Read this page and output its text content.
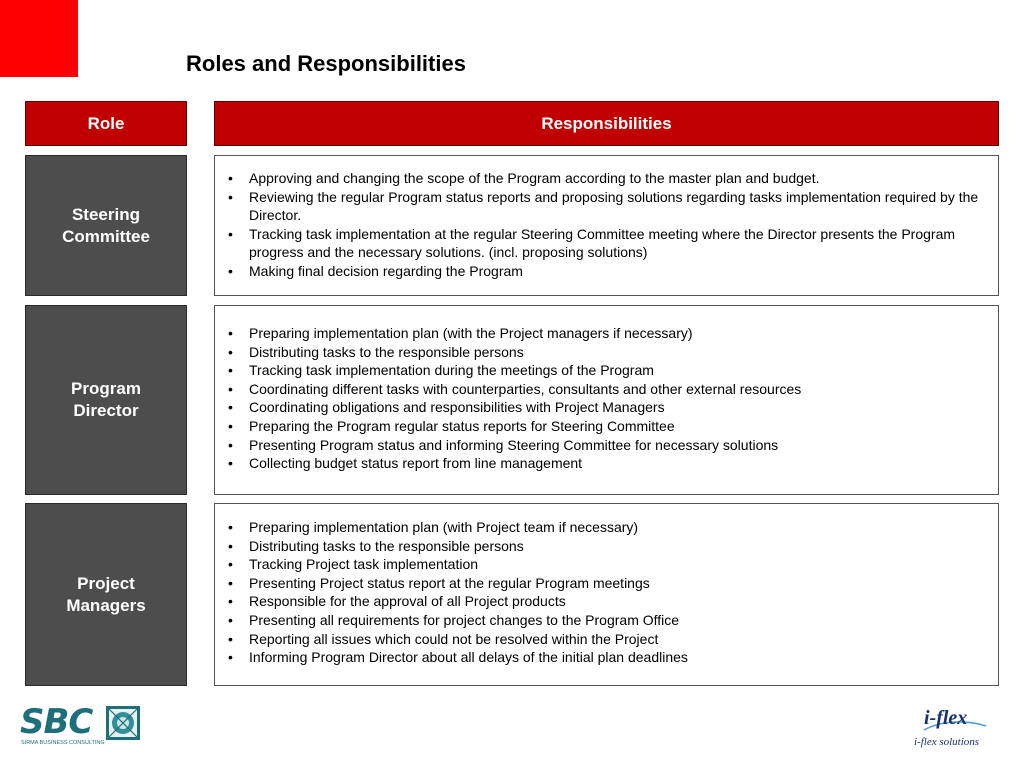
Roles and Responsibilities
Role	Responsibilities
Steering
Committee
• Approving and changing the scope of the Program according to the master plan and budget.
• Reviewing the regular Program status reports and proposing solutions regarding tasks implementation required by the Director.
• Tracking task implementation at the regular Steering Committee meeting where the Director presents the Program progress and the necessary solutions. (incl. proposing solutions)
• Making final decision regarding the Program
Program
Director
• Preparing implementation plan (with the Project managers if necessary)
• Distributing tasks to the responsible persons
• Tracking task implementation during the meetings of the Program
• Coordinating different tasks with counterparties, consultants and other external resources
• Coordinating obligations and responsibilities with Project Managers
• Preparing the Program regular status reports for Steering Committee
• Presenting Program status and informing Steering Committee for necessary solutions
• Collecting budget status report from line management
Project
Managers
• Preparing implementation plan (with Project team if necessary)
• Distributing tasks to the responsible persons
• Tracking Project task implementation
• Presenting Project status report at the regular Program meetings
• Responsible for the approval of all Project products
• Presenting all requirements for project changes to the Program Office
• Reporting all issues which could not be resolved within the Project
• Informing Program Director about all delays of the initial plan deadlines
SBC
SIRMA BUSINESS CONSULTING
i-flex
i-flex solutions
